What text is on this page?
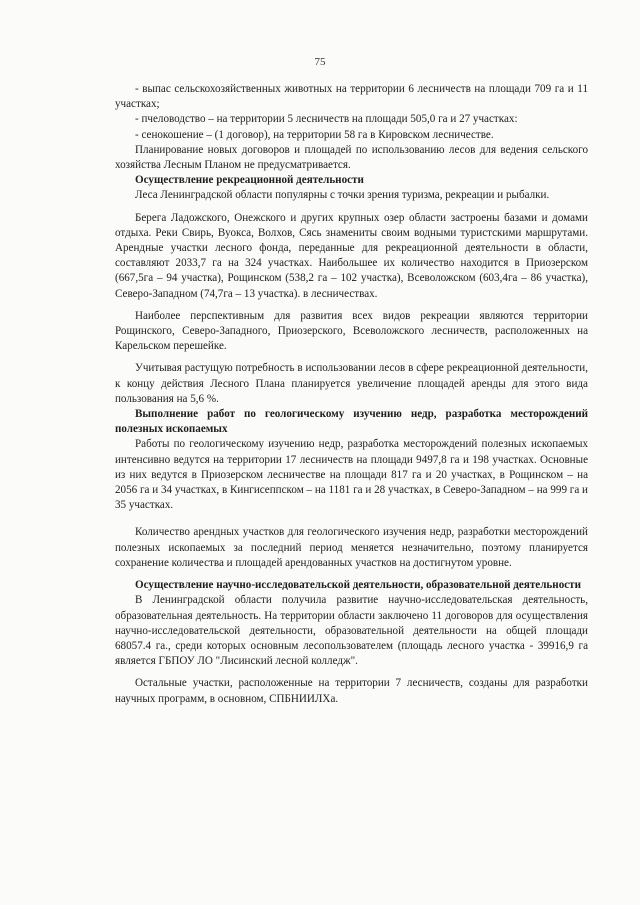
75

- выпас сельскохозяйственных животных на территории 6 лесничеств на площади 709 га и 11 участках;

- пчеловодство – на территории 5 лесничеств на площади 505,0 га и 27 участках:

- сенокошение – (1 договор), на территории 58 га в Кировском лесничестве.

Планирование новых договоров и площадей по использованию лесов для ведения сельского хозяйства Лесным Планом не предусматривается.

Осуществление рекреационной деятельности

Леса Ленинградской области популярны с точки зрения туризма, рекреации и рыбалки.

Берега Ладожского, Онежского и других крупных озер области застроены базами и домами отдыха. Реки Свирь, Вуокса, Волхов, Сясь знамениты своим водными туристскими маршрутами. Арендные участки лесного фонда, переданные для рекреационной деятельности в области, составляют 2033,7 га на 324 участках. Наибольшее их количество находится в Приозерском (667,5га – 94 участка), Рощинском (538,2 га – 102 участка), Всеволожском (603,4га – 86 участка), Северо-Западном (74,7га – 13 участка). в лесничествах.

Наиболее перспективным для развития всех видов рекреации являются территории Рощинского, Северо-Западного, Приозерского, Всеволожского лесничеств, расположенных на Карельском перешейке.

Учитывая растущую потребность в использовании лесов в сфере рекреационной деятельности, к концу действия Лесного Плана планируется увеличение площадей аренды для этого вида пользования на 5,6 %.

Выполнение работ по геологическому изучению недр, разработка месторождений полезных ископаемых

Работы по геологическому изучению недр, разработка месторождений полезных ископаемых интенсивно ведутся на территории 17 лесничеств на площади 9497,8 га и 198 участках. Основные из них ведутся в Приозерском лесничестве на площади 817 га и 20 участках, в Рощинском – на 2056 га и 34 участках, в Кингисеппском – на 1181 га и 28 участках, в Северо-Западном – на 999 га и 35 участках.

Количество арендных участков для геологического изучения недр, разработки месторождений полезных ископаемых за последний период меняется незначительно, поэтому планируется сохранение количества и площадей арендованных участков на достигнутом уровне.

Осуществление научно-исследовательской деятельности, образовательной деятельности

В Ленинградской области получила развитие научно-исследовательская деятельность, образовательная деятельность. На территории области заключено 11 договоров для осуществления научно-исследовательской деятельности, образовательной деятельности на общей площади 68057.4 га., среди которых основным лесопользователем (площадь лесного участка - 39916,9 га является ГБПОУ ЛО "Лисинский лесной колледж".

Остальные участки, расположенные на территории 7 лесничеств, созданы для разработки научных программ, в основном, СПБНИИЛХа.
